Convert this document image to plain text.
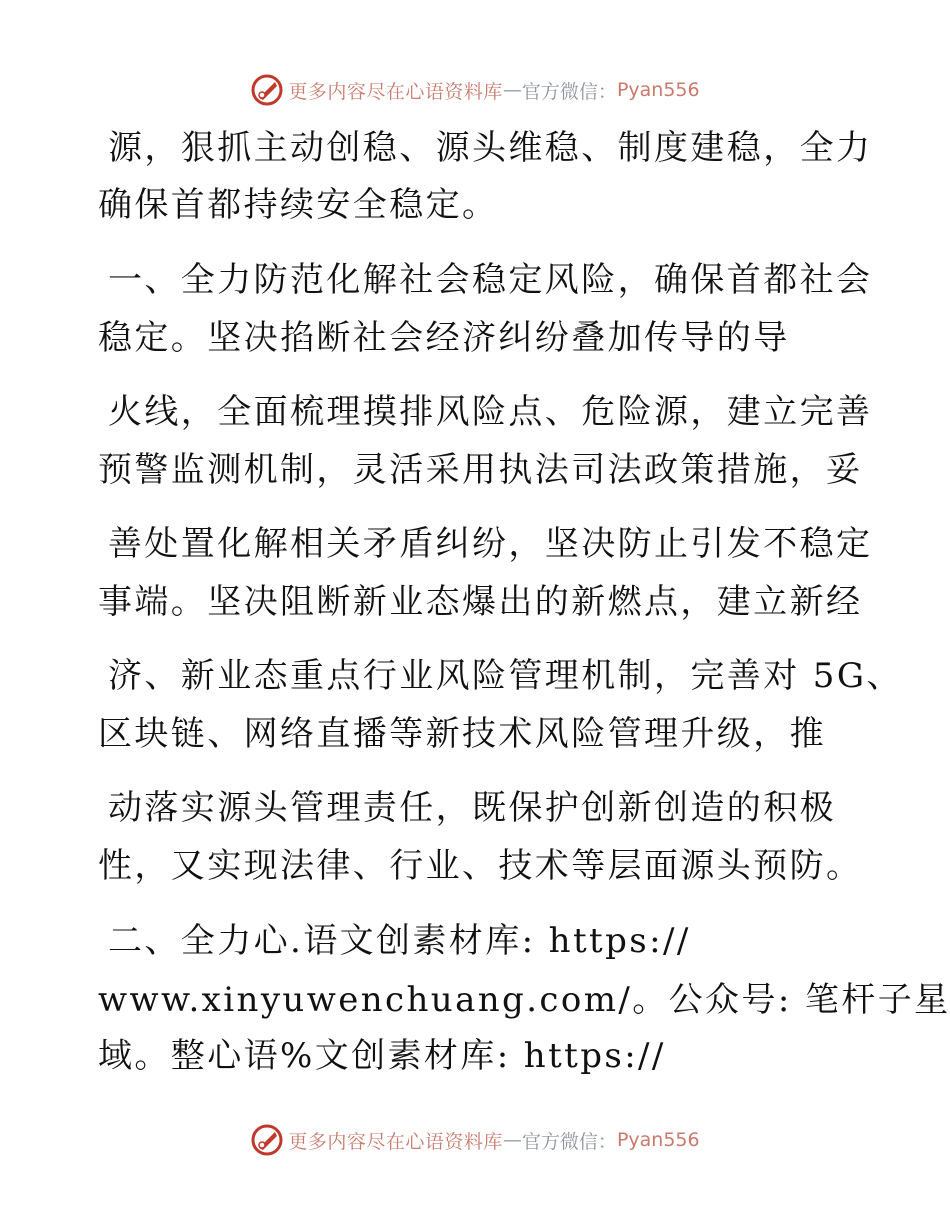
更多内容尽在心语资料库 — 官方微信： Pyan556
源，狠抓主动创稳、源头维稳、制度建稳，全力
确保首都持续安全稳定。
一、全力防范化解社会稳定风险，确保首都社会
稳定。坚决掐断社会经济纠纷叠加传导的导
火线，全面梳理摸排风险点、危险源，建立完善
预警监测机制，灵活采用执法司法政策措施，妥
善处置化解相关矛盾纠纷，坚决防止引发不稳定
事端。坚决阻断新业态爆出的新燃点，建立新经
济、新业态重点行业风险管理机制，完善对 5G、
区块链、网络直播等新技术风险管理升级，推
动落实源头管理责任，既保护创新创造的积极
性，又实现法律、行业、技术等层面源头预防。
二、全力心.语文创素材库: https://
www.xinyuwenchuang.com/。公众号: 笔杆子星
域。整心语%文创素材库: https://
更多内容尽在心语资料库 — 官方微信： Pyan556
